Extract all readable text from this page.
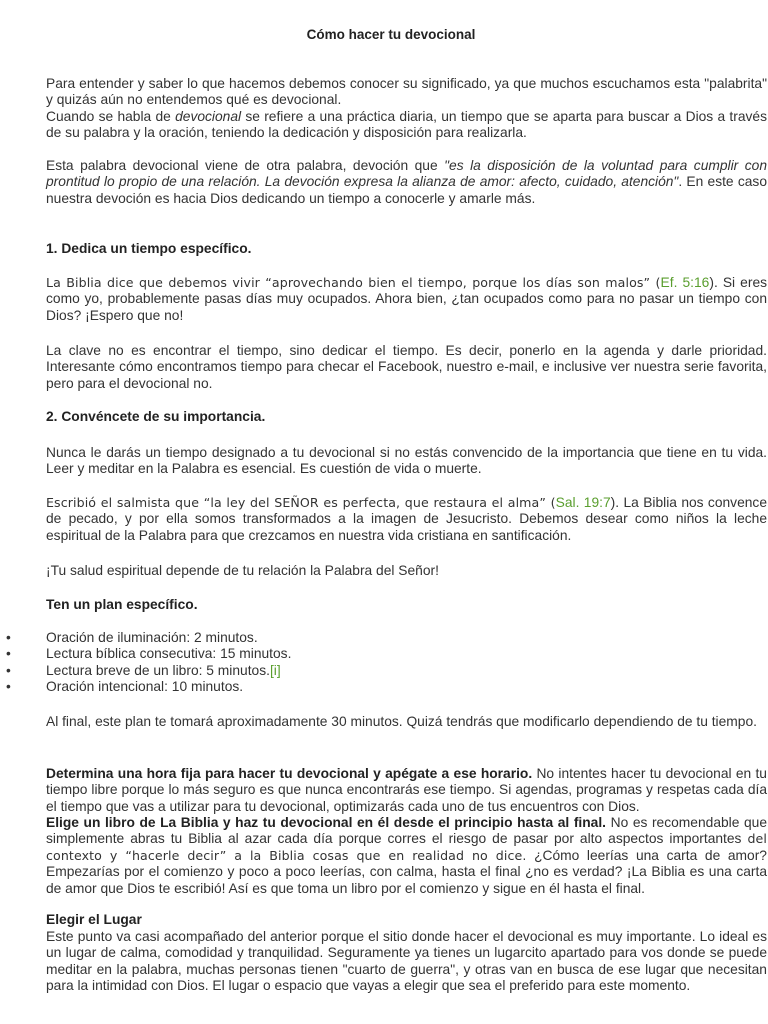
Cómo hacer tu devocional

Para entender y saber lo que hacemos debemos conocer su significado, ya que muchos escuchamos esta "palabrita" y quizás aún no entendemos qué es devocional.
Cuando se habla de devocional se refiere a una práctica diaria, un tiempo que se aparta para buscar a Dios a través de su palabra y la oración, teniendo la dedicación y disposición para realizarla.

Esta palabra devocional viene de otra palabra, devoción que "es la disposición de la voluntad para cumplir con prontitud lo propio de una relación. La devoción expresa la alianza de amor: afecto, cuidado, atención". En este caso nuestra devoción es hacia Dios dedicando un tiempo a conocerle y amarle más.

1. Dedica un tiempo específico.

La Biblia dice que debemos vivir “aprovechando bien el tiempo, porque los días son malos” (Ef. 5:16). Si eres como yo, probablemente pasas días muy ocupados. Ahora bien, ¿tan ocupados como para no pasar un tiempo con Dios? ¡Espero que no!

La clave no es encontrar el tiempo, sino dedicar el tiempo. Es decir, ponerlo en la agenda y darle prioridad. Interesante cómo encontramos tiempo para checar el Facebook, nuestro e-mail, e inclusive ver nuestra serie favorita, pero para el devocional no.

2. Convéncete de su importancia.

Nunca le darás un tiempo designado a tu devocional si no estás convencido de la importancia que tiene en tu vida. Leer y meditar en la Palabra es esencial. Es cuestión de vida o muerte.

Escribió el salmista que “la ley del SEÑOR es perfecta, que restaura el alma” (Sal. 19:7). La Biblia nos convence de pecado, y por ella somos transformados a la imagen de Jesucristo. Debemos desear como niños la leche espiritual de la Palabra para que crezcamos en nuestra vida cristiana en santificación.

¡Tu salud espiritual depende de tu relación la Palabra del Señor!

Ten un plan específico.

•	Oración de iluminación: 2 minutos.
•	Lectura bíblica consecutiva: 15 minutos.
•	Lectura breve de un libro: 5 minutos.[i]
•	Oración intencional: 10 minutos.

Al final, este plan te tomará aproximadamente 30 minutos. Quizá tendrás que modificarlo dependiendo de tu tiempo.

Determina una hora fija para hacer tu devocional y apégate a ese horario. No intentes hacer tu devocional en tu tiempo libre porque lo más seguro es que nunca encontrarás ese tiempo. Si agendas, programas y respetas cada día el tiempo que vas a utilizar para tu devocional, optimizarás cada uno de tus encuentros con Dios.

Elige un libro de La Biblia y haz tu devocional en él desde el principio hasta al final. No es recomendable que simplemente abras tu Biblia al azar cada día porque corres el riesgo de pasar por alto aspectos importantes del contexto y “hacerle decir” a la Biblia cosas que en realidad no dice. ¿Cómo leerías una carta de amor? Empezarías por el comienzo y poco a poco leerías, con calma, hasta el final ¿no es verdad? ¡La Biblia es una carta de amor que Dios te escribió! Así es que toma un libro por el comienzo y sigue en él hasta el final.

Elegir el Lugar

Este punto va casi acompañado del anterior porque el sitio donde hacer el devocional es muy importante. Lo ideal es un lugar de calma, comodidad y tranquilidad. Seguramente ya tienes un lugarcito apartado para vos donde se puede meditar en la palabra, muchas personas tienen "cuarto de guerra", y otras van en busca de ese lugar que necesitan para la intimidad con Dios. El lugar o espacio que vayas a elegir que sea el preferido para este momento.
